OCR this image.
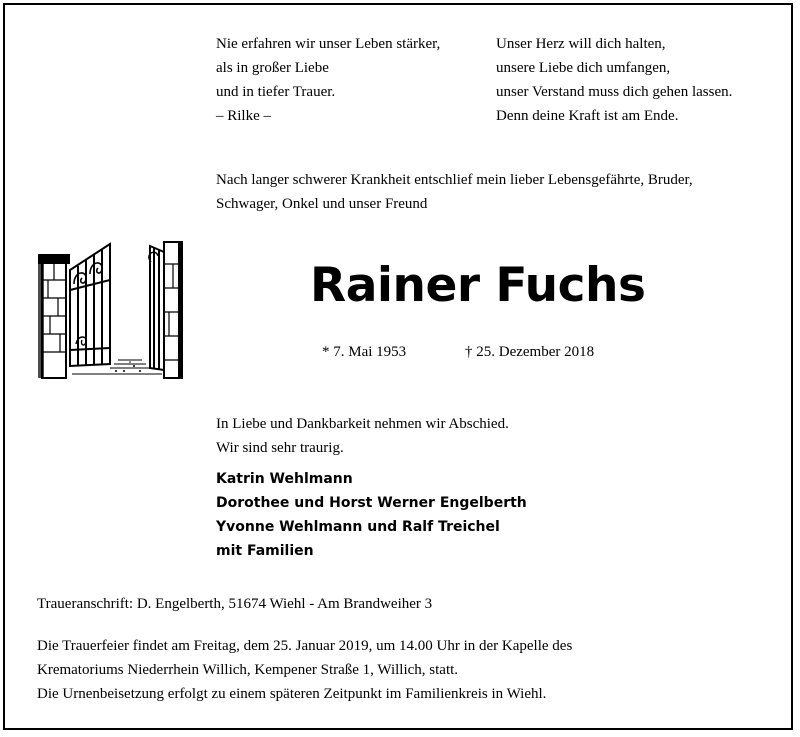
Nie erfahren wir unser Leben stärker,
als in großer Liebe
und in tiefer Trauer.
– Rilke –
Unser Herz will dich halten,
unsere Liebe dich umfangen,
unser Verstand muss dich gehen lassen.
Denn deine Kraft ist am Ende.
Nach langer schwerer Krankheit entschlief mein lieber Lebensgefährte, Bruder,
Schwager, Onkel und unser Freund
Rainer Fuchs
* 7. Mai 1953	† 25. Dezember 2018
In Liebe und Dankbarkeit nehmen wir Abschied.
Wir sind sehr traurig.
Katrin Wehlmann
Dorothee und Horst Werner Engelberth
Yvonne Wehlmann und Ralf Treichel
mit Familien
Traueranschrift: D. Engelberth, 51674 Wiehl - Am Brandweiher 3
Die Trauerfeier findet am Freitag, dem 25. Januar 2019, um 14.00 Uhr in der Kapelle des
Krematoriums Niederrhein Willich, Kempener Straße 1, Willich, statt.
Die Urnenbeisetzung erfolgt zu einem späteren Zeitpunkt im Familienkreis in Wiehl.
